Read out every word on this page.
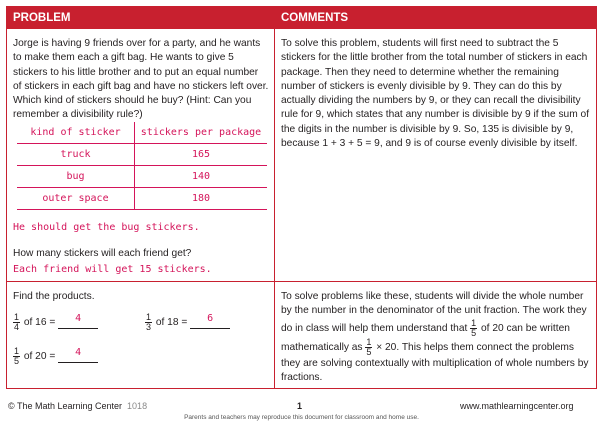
PROBLEM	COMMENTS
Jorge is having 9 friends over for a party, and he wants to make them each a gift bag. He wants to give 5 stickers to his little brother and to put an equal number of stickers in each gift bag and have no stickers left over. Which kind of stickers should he buy? (Hint: Can you remember a divisibility rule?)
kind of sticker	stickers per package
truck	165
bug	140
outer space	180
He should get the bug stickers.
How many stickers will each friend get?
Each friend will get 15 stickers.
To solve this problem, students will first need to subtract the 5 stickers for the little brother from the total number of stickers in each package. Then they need to determine whether the remaining number of stickers is evenly divisible by 9. They can do this by actually dividing the numbers by 9, or they can recall the divisibility rule for 9, which states that any number is divisible by 9 if the sum of the digits in the number is divisible by 9. So, 135 is divisible by 9, because 1 + 3 + 5 = 9, and 9 is of course evenly divisible by itself.
Find the products.
$\frac{1}{4}$ of 16 =	4
	$\frac{1}{3}$ of 18 =	6

$\frac{1}{5}$ of 20 =	4

To solve problems like these, students will divide the whole number by the number in the denominator of the unit fraction. The work they do in class will help them understand that $\frac{1}{5}$ of 20 can be written mathematically as $\frac{1}{5} \times 20$. This helps them connect the problems they are solving contextually with multiplication of whole numbers by fractions.
© The Math Learning Center 1018	1	www.mathlearningcenter.org
Parents and teachers may reproduce this document for classroom and home use.
